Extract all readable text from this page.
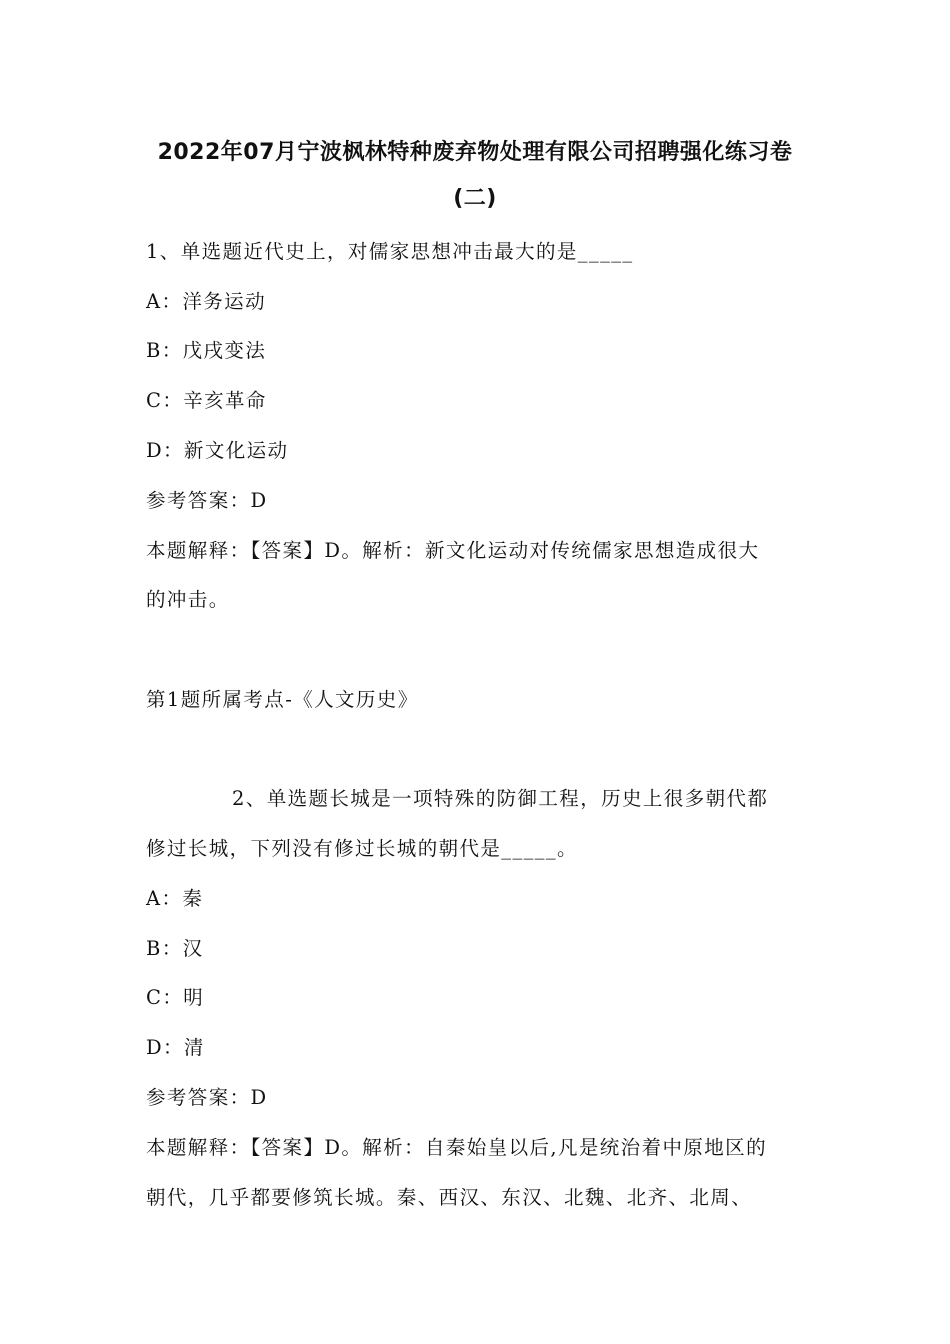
2022年07月宁波枫林特种废弃物处理有限公司招聘强化练习卷
(二)
1、单选题近代史上，对儒家思想冲击最大的是_____
A：洋务运动
B：戊戌变法
C：辛亥革命
D：新文化运动
参考答案：D
本题解释：【答案】D。解析：新文化运动对传统儒家思想造成很大
的冲击。
第1题所属考点-《人文历史》
2、单选题长城是一项特殊的防御工程，历史上很多朝代都
修过长城，下列没有修过长城的朝代是_____。
A：秦
B：汉
C：明
D：清
参考答案：D
本题解释：【答案】D。解析：自秦始皇以后,凡是统治着中原地区的
朝代，几乎都要修筑长城。秦、西汉、东汉、北魏、北齐、北周、
